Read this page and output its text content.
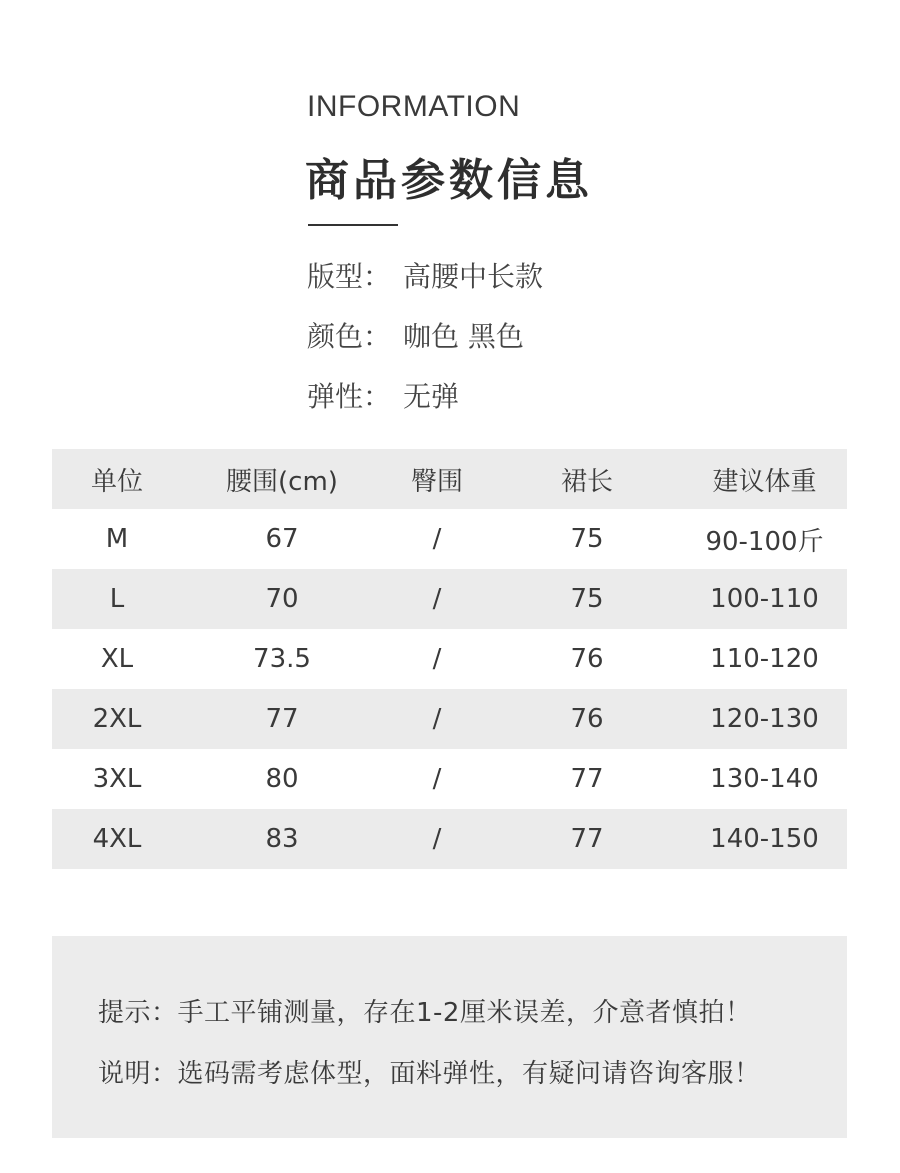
INFORMATION
商品参数信息
版型： 高腰中长款
颜色： 咖色 黑色
弹性： 无弹
单位	腰围(cm)	臀围	裙长	建议体重
M	67	/	75	90-100斤
L	70	/	75	100-110
XL	73.5	/	76	110-120
2XL	77	/	76	120-130
3XL	80	/	77	130-140
4XL	83	/	77	140-150
提示：手工平铺测量，存在1-2厘米误差，介意者慎拍！
说明：选码需考虑体型，面料弹性，有疑问请咨询客服！
